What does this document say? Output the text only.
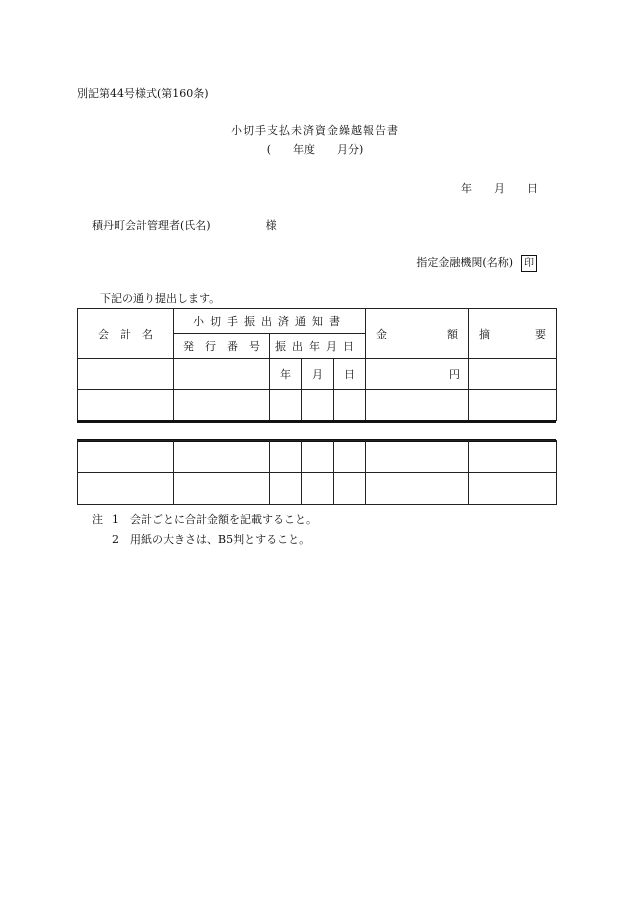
別記第44号様式(第160条)
小切手支払未済資金繰越報告書
(　　年度　　月分)
年　　月　　日
積丹町会計管理者(氏名)　　　　　様
指定金融機関(名称) 印
下記の通り提出します。
会　計　名	小切手振出済通知書				金 額	摘 要

	発　行　番　号	振出年月日				
		年	月	日	円	

注 1	会計ごとに合計金額を記載すること。
2	用紙の大きさは、B5判とすること。
